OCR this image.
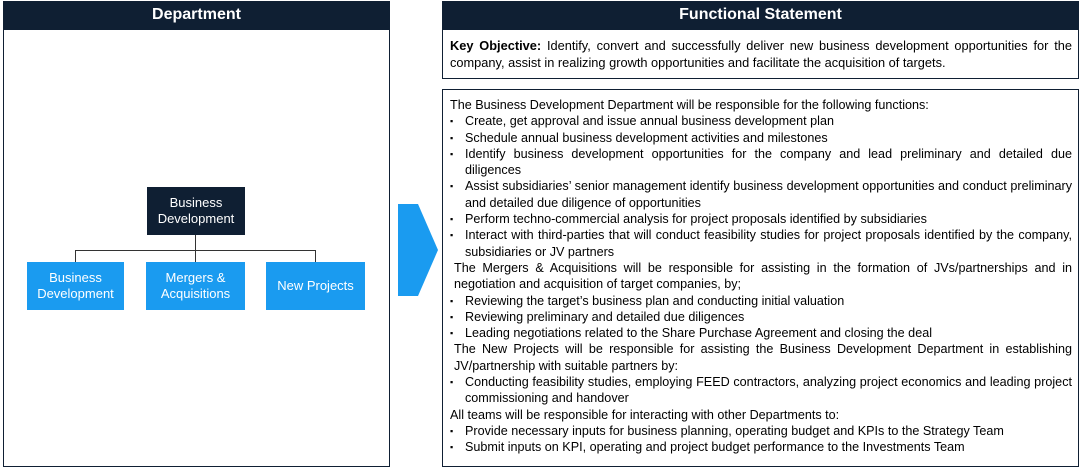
Department
Business Development
Business Development
Mergers & Acquisitions
New Projects
Functional Statement
Key Objective: Identify, convert and successfully deliver new business development opportunities for the company, assist in realizing growth opportunities and facilitate the acquisition of targets.

The Business Development Department will be responsible for the following functions:

▪ Create, get approval and issue annual business development plan
▪ Schedule annual business development activities and milestones
▪ Identify business development opportunities for the company and lead preliminary and detailed due diligences
▪ Assist subsidiaries’ senior management identify business development opportunities and conduct preliminary and detailed due diligence of opportunities
▪ Perform techno-commercial analysis for project proposals identified by subsidiaries
▪ Interact with third-parties that will conduct feasibility studies for project proposals identified by the company, subsidiaries or JV partners

The Mergers & Acquisitions will be responsible for assisting in the formation of JVs/partnerships and in negotiation and acquisition of target companies, by;

▪ Reviewing the target’s business plan and conducting initial valuation
▪ Reviewing preliminary and detailed due diligences
▪ Leading negotiations related to the Share Purchase Agreement and closing the deal

The New Projects will be responsible for assisting the Business Development Department in establishing JV/partnership with suitable partners by:

▪ Conducting feasibility studies, employing FEED contractors, analyzing project economics and leading project commissioning and handover

All teams will be responsible for interacting with other Departments to:

▪ Provide necessary inputs for business planning, operating budget and KPIs to the Strategy Team
▪ Submit inputs on KPI, operating and project budget performance to the Investments Team
